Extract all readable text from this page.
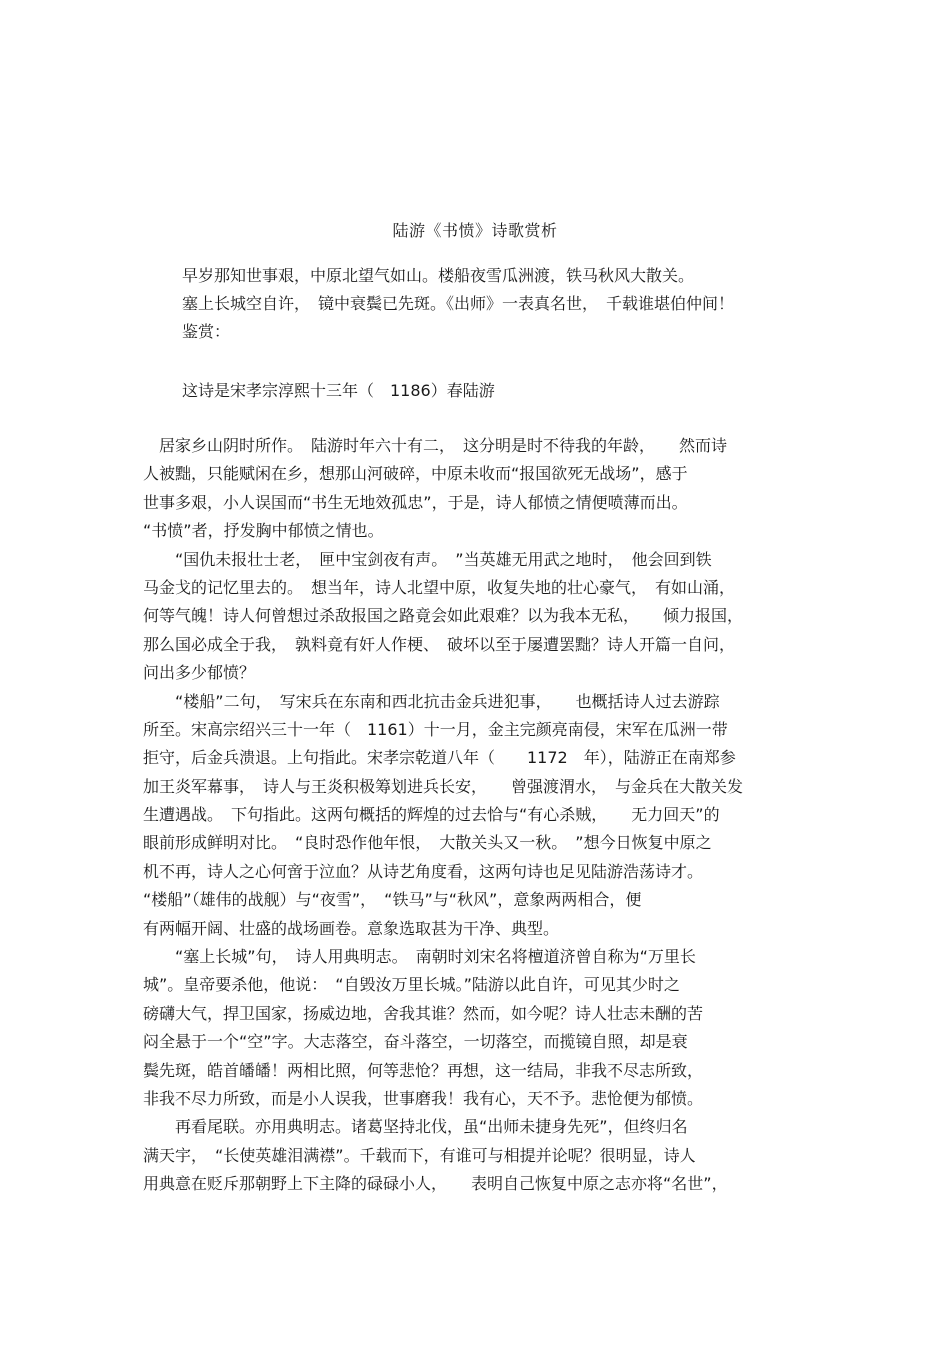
陆游《书愤》诗歌赏析
早岁那知世事艰，中原北望气如山。楼船夜雪瓜洲渡，铁马秋风大散关。
塞上长城空自许，　镜中衰鬓已先斑。《出师》一表真名世，　千载谁堪伯仲间！
鉴赏：
这诗是宋孝宗淳熙十三年（　1186）春陆游
　居家乡山阴时所作。　陆游时年六十有二，　这分明是时不待我的年龄，　　然而诗
人被黜，只能赋闲在乡，想那山河破碎，中原未收而“报国欲死无战场”，感于
世事多艰，小人误国而“书生无地效孤忠”，于是，诗人郁愤之情便喷薄而出。
“书愤”者，抒发胸中郁愤之情也。
　　“国仇未报壮士老，　匣中宝剑夜有声。　”当英雄无用武之地时，　他会回到铁
马金戈的记忆里去的。　想当年，诗人北望中原，收复失地的壮心豪气，　有如山涌，
何等气魄！诗人何曾想过杀敌报国之路竟会如此艰难？以为我本无私，　　倾力报国，
那么国必成全于我，　孰料竟有奸人作梗、　破坏以至于屡遭罢黜？诗人开篇一自问，
问出多少郁愤？
　　“楼船”二句，　写宋兵在东南和西北抗击金兵进犯事，　　也概括诗人过去游踪
所至。宋高宗绍兴三十一年（　1161）十一月，金主完颜亮南侵，宋军在瓜洲一带
拒守，后金兵溃退。上句指此。宋孝宗乾道八年（　　1172　年），陆游正在南郑参
加王炎军幕事，　诗人与王炎积极筹划进兵长安，　　曾强渡渭水，　与金兵在大散关发
生遭遇战。　下句指此。这两句概括的辉煌的过去恰与“有心杀贼，　　无力回天”的
眼前形成鲜明对比。　“良时恐作他年恨，　大散关头又一秋。　”想今日恢复中原之
机不再，诗人之心何啻于泣血？从诗艺角度看，这两句诗也足见陆游浩荡诗才。
“楼船”（雄伟的战舰）与“夜雪”，　“铁马”与“秋风”，意象两两相合，便
有两幅开阔、壮盛的战场画卷。意象选取甚为干净、典型。
　　“塞上长城”句，　诗人用典明志。　南朝时刘宋名将檀道济曾自称为“万里长
城”。皇帝要杀他，他说：　“自毁汝万里长城。”陆游以此自许，可见其少时之
磅礴大气，捍卫国家，扬威边地，舍我其谁？然而，如今呢？诗人壮志未酬的苦
闷全悬于一个“空”字。大志落空，奋斗落空，一切落空，而揽镜自照，却是衰
鬓先斑，皓首皤皤！两相比照，何等悲怆？再想，这一结局，非我不尽志所致，
非我不尽力所致，而是小人误我，世事磨我！我有心，天不予。悲怆便为郁愤。
　　再看尾联。亦用典明志。诸葛坚持北伐，虽“出师未捷身先死”，但终归名
满天宇，　“长使英雄泪满襟”。千载而下，有谁可与相提并论呢？很明显，诗人
用典意在贬斥那朝野上下主降的碌碌小人，　　表明自己恢复中原之志亦将“名世”，
